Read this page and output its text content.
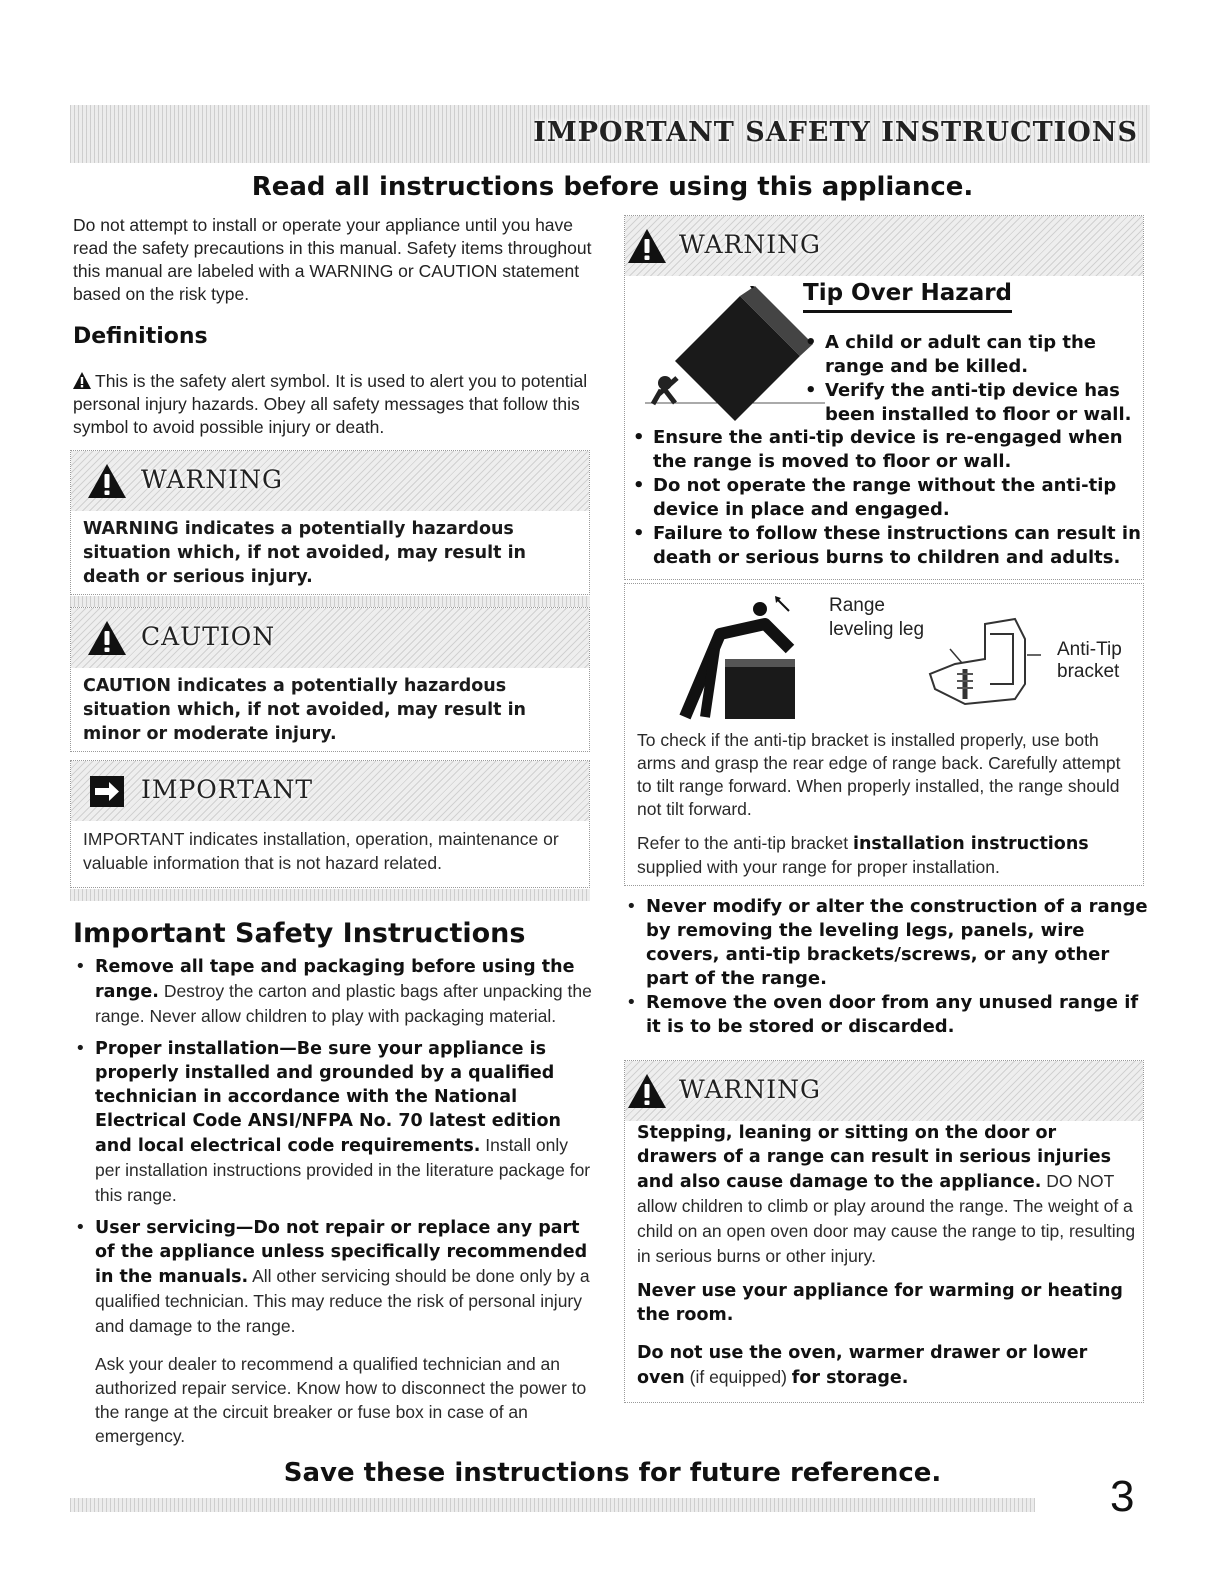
IMPORTANT SAFETY INSTRUCTIONS
Read all instructions before using this appliance.

Do not attempt to install or operate your appliance until you have read the safety precautions in this manual. Safety items throughout this manual are labeled with a WARNING or CAUTION statement based on the risk type.

Definitions

This is the safety alert symbol. It is used to alert you to potential personal injury hazards. Obey all safety messages that follow this symbol to avoid possible injury or death.

WARNING
WARNING indicates a potentially hazardous situation which, if not avoided, may result in death or serious injury.
CAUTION
CAUTION indicates a potentially hazardous situation which, if not avoided, may result in minor or moderate injury.
IMPORTANT
IMPORTANT indicates installation, operation, maintenance or valuable information that is not hazard related.
Important Safety Instructions
• Remove all tape and packaging before using the range. Destroy the carton and plastic bags after unpacking the range. Never allow children to play with packaging material.
• Proper installation—Be sure your appliance is properly installed and grounded by a qualified technician in accordance with the National Electrical Code ANSI/NFPA No. 70 latest edition and local electrical code requirements. Install only per installation instructions provided in the literature package for this range.
• User servicing—Do not repair or replace any part of the appliance unless specifically recommended in the manuals. All other servicing should be done only by a qualified technician. This may reduce the risk of personal injury and damage to the range.

Ask your dealer to recommend a qualified technician and an authorized repair service. Know how to disconnect the power to the range at the circuit breaker or fuse box in case of an emergency.

WARNING
Tip Over Hazard
• A child or adult can tip the range and be killed.
• Verify the anti-tip device has been installed to floor or wall.
• Ensure the anti-tip device is re-engaged when the range is moved to floor or wall.
• Do not operate the range without the anti-tip device in place and engaged.
• Failure to follow these instructions can result in death or serious burns to children and adults.
Range
leveling leg
Anti-Tip
bracket

To check if the anti-tip bracket is installed properly, use both arms and grasp the rear edge of range back. Carefully attempt to tilt range forward. When properly installed, the range should not tilt forward.

Refer to the anti-tip bracket installation instructions supplied with your range for proper installation.

• Never modify or alter the construction of a range by removing the leveling legs, panels, wire covers, anti-tip brackets/screws, or any other part of the range.
• Remove the oven door from any unused range if it is to be stored or discarded.
WARNING

Stepping, leaning or sitting on the door or drawers of a range can result in serious injuries and also cause damage to the appliance. DO NOT allow children to climb or play around the range. The weight of a child on an open oven door may cause the range to tip, resulting in serious burns or other injury.

Never use your appliance for warming or heating the room.

Do not use the oven, warmer drawer or lower oven (if equipped) for storage.

Save these instructions for future reference.	3
